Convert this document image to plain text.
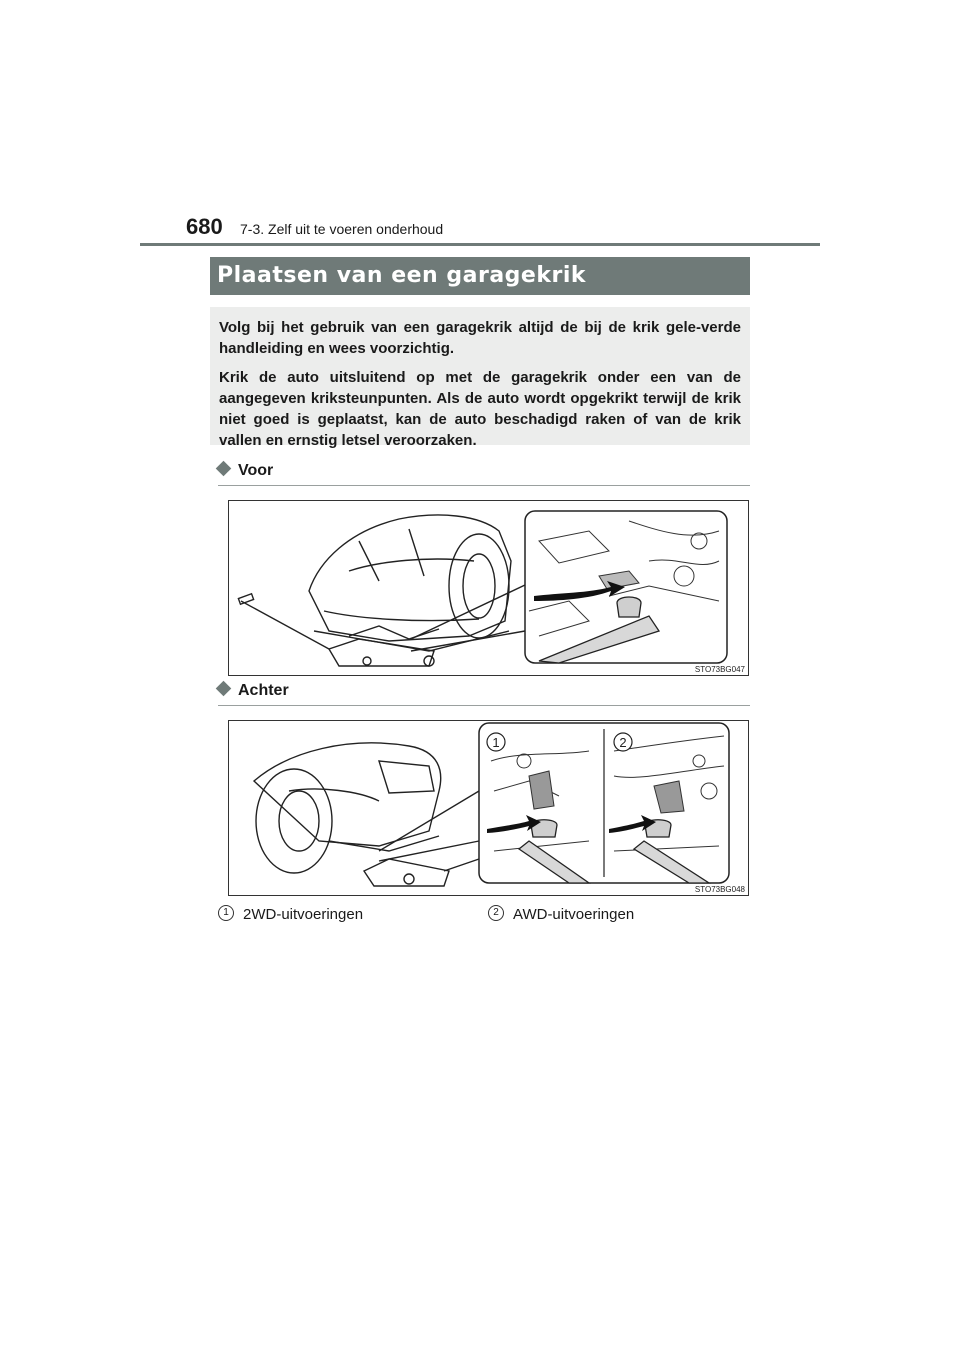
680 7-3. Zelf uit te voeren onderhoud
Plaatsen van een garagekrik

Volg bij het gebruik van een garagekrik altijd de bij de krik gele-verde handleiding en wees voorzichtig.

Krik de auto uitsluitend op met de garagekrik onder een van de aangegeven kriksteunpunten. Als de auto wordt opgekrikt terwijl de krik niet goed is geplaatst, kan de auto beschadigd raken of van de krik vallen en ernstig letsel veroorzaken.

Voor
STO73BG047
Achter
1	2
STO73BG048
1 2WD-uitvoeringen	2 AWD-uitvoeringen
